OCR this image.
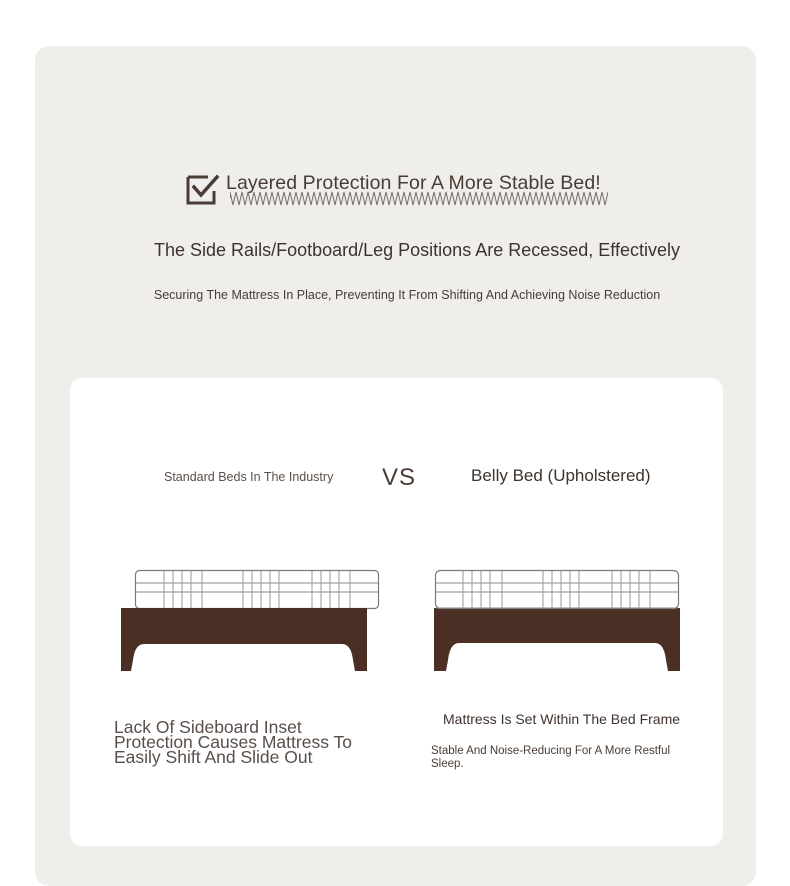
Layered Protection For A More Stable Bed!
The Side Rails/Footboard/Leg Positions Are Recessed, Effectively
Securing The Mattress In Place, Preventing It From Shifting And Achieving Noise Reduction
Standard Beds In The Industry VS	Belly Bed (Upholstered)
Lack Of Sideboard Inset Protection Causes Mattress To Easily Shift And Slide Out
Mattress Is Set Within The Bed Frame
Stable And Noise-Reducing For A More Restful Sleep.
